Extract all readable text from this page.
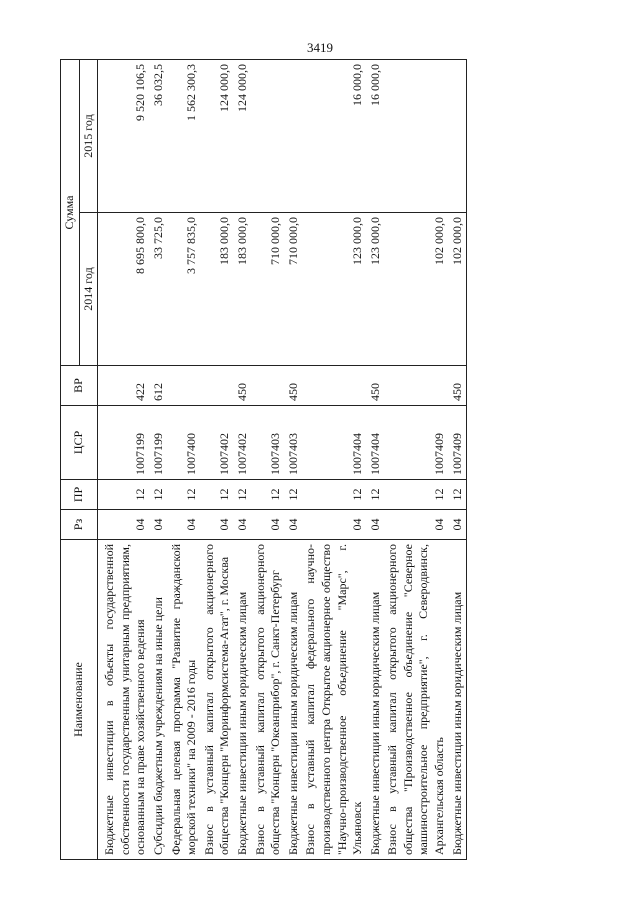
3419
Наименование	Рз	ПР	ЦСР	ВР	Сумма	
					2014 год	2015 год

Бюджетные инвестиции в объекты государственной собственности государственным унитарным предприятиям, основанным на праве хозяйственного ведения	04	12	1007199	422	8 695 800,0	9 520 106,5
Субсидии бюджетным учреждениям на иные цели	04	12	1007199	612	33 725,0	36 032,5
Федеральная целевая программа "Развитие гражданской морской техники" на 2009 - 2016 годы	04	12	1007400		3 757 835,0	1 562 300,3
Взнос в уставный капитал открытого акционерного общества "Концерн "Моринформсистема-Агат", г. Москва	04	12	1007402		183 000,0	124 000,0
Бюджетные инвестиции иным юридическим лицам	04	12	1007402	450	183 000,0	124 000,0
Взнос в уставный капитал открытого акционерного общества "Концерн "Океанприбор", г. Санкт-Петербург	04	12	1007403		710 000,0	
Бюджетные инвестиции иным юридическим лицам	04	12	1007403	450	710 000,0	
Взнос в уставный капитал федерального научно-производственного центра Открытое акционерное общество "Научно-производственное объединение "Марс", г. Ульяновск	04	12	1007404		123 000,0	16 000,0
Бюджетные инвестиции иным юридическим лицам	04	12	1007404	450	123 000,0	16 000,0
Взнос в уставный капитал открытого акционерного общества "Производственное объединение "Северное машиностроительное предприятие", г. Северодвинск, Архангельская область	04	12	1007409		102 000,0	
Бюджетные инвестиции иным юридическим лицам	04	12	1007409	450	102 000,0	
